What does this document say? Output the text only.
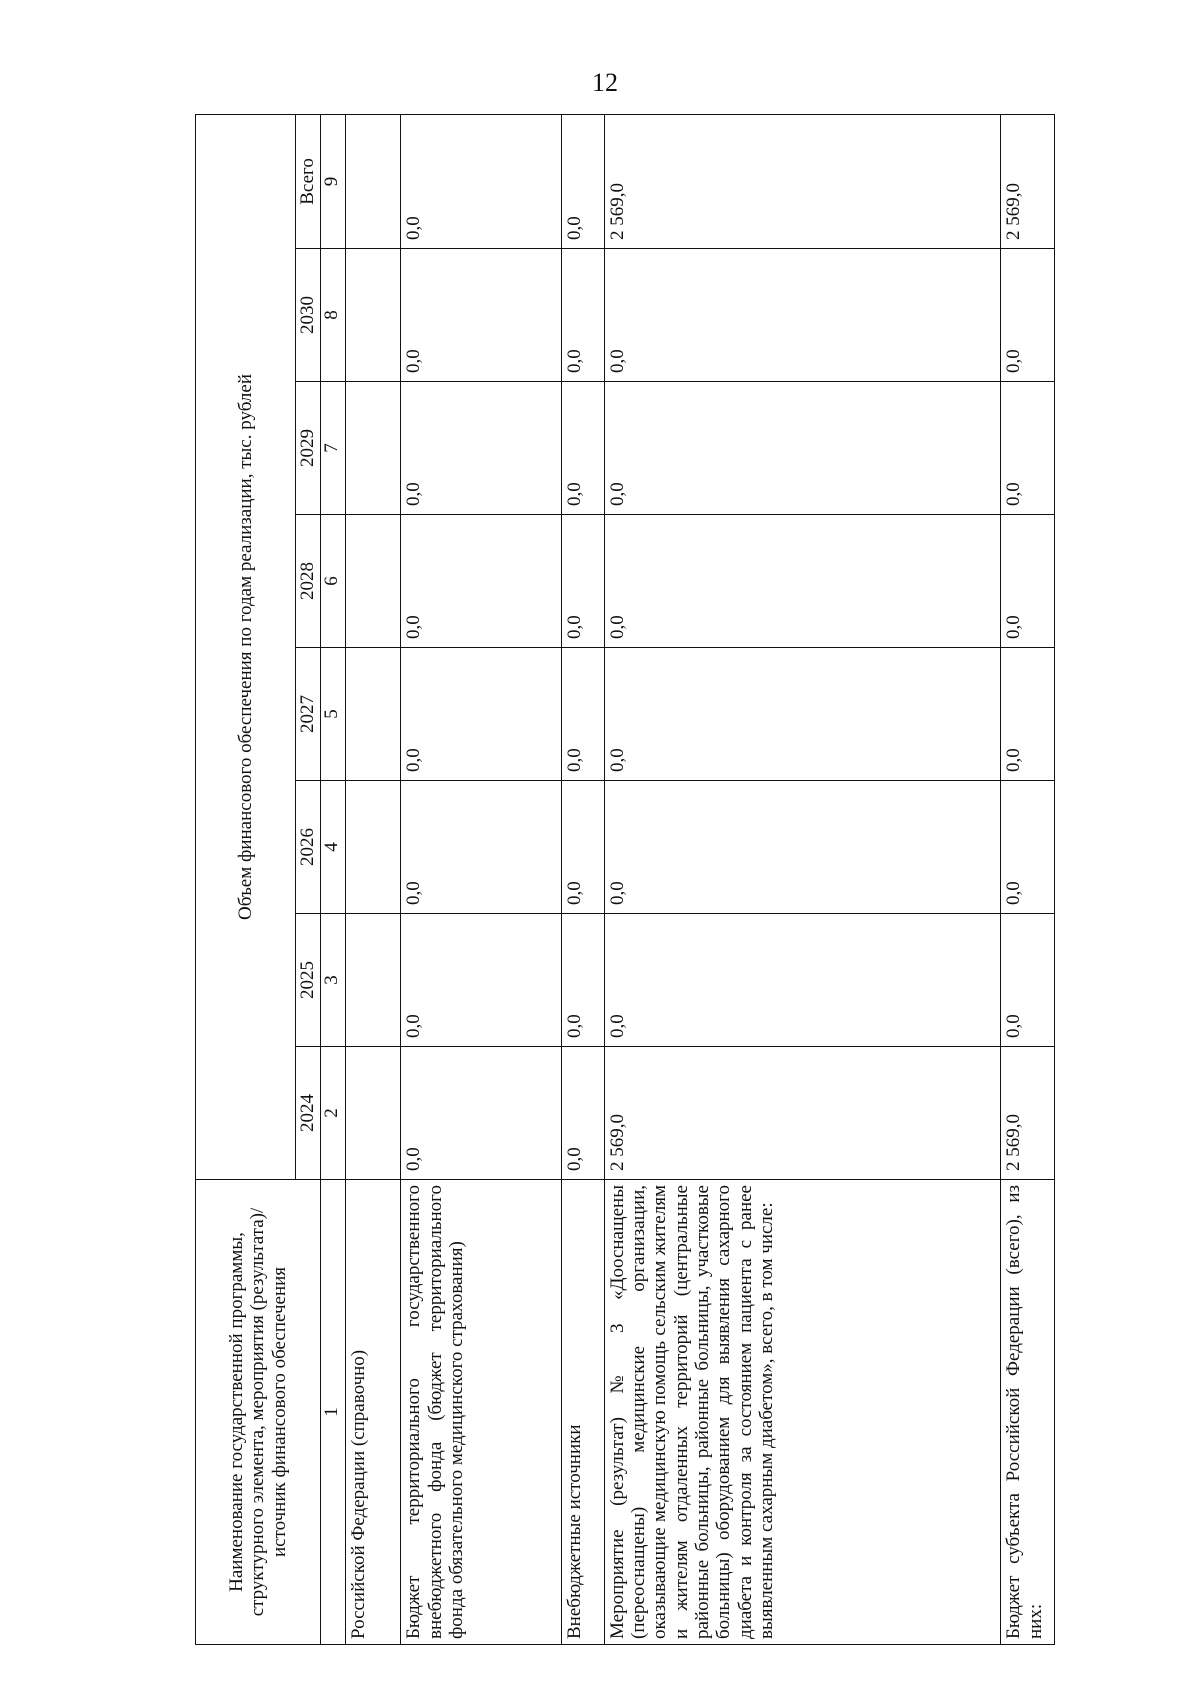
12
Наименование государственной программы, структурного элемента, мероприятия (результата)/источник финансового обеспечения	Объем финансового обеспечения по годам реализации, тыс. рублей							
	2024	2025	2026	2027	2028	2029	2030	Всего
1	2	3	4	5	6	7	8	9
Российской Федерации (справочно)								
Бюджет территориального государственного внебюджетного фонда (бюджет территориального фонда обязательного медицинского страхования)	0,0	0,0	0,0	0,0	0,0	0,0	0,0	0,0
Внебюджетные источники	0,0	0,0	0,0	0,0	0,0	0,0	0,0	0,0
Мероприятие (результат) № 3 «Дооснащены (переоснащены) медицинские организации, оказывающие медицинскую помощь сельским жителям и жителям отдаленных территорий (центральные районные больницы, районные больницы, участковые больницы) оборудованием для выявления сахарного диабета и контроля за состоянием пациента с ранее выявленным сахарным диабетом», всего, в том числе:	2 569,0	0,0	0,0	0,0	0,0	0,0	0,0	2 569,0
Бюджет субъекта Российской Федерации (всего), из них:	2 569,0	0,0	0,0	0,0	0,0	0,0	0,0	2 569,0
